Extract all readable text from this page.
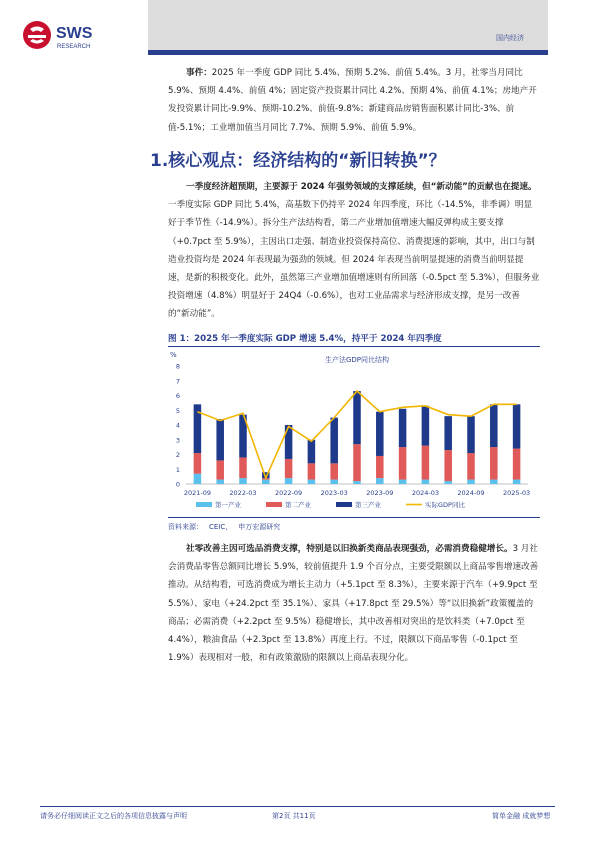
SWS
RESEARCH
国内经济
事件：2025 年一季度 GDP 同比 5.4%、预期 5.2%、前值 5.4%。3 月，社零当月同比 5.9%、预期 4.4%、前值 4%；固定资产投资累计同比 4.2%、预期 4%、前值 4.1%；房地产开发投资累计同比-9.9%、预期-10.2%、前值-9.8%；新建商品房销售面积累计同比-3%、前值-5.1%；工业增加值当月同比 7.7%、预期 5.9%、前值 5.9%。
1.核心观点：经济结构的“新旧转换”？
一季度经济超预期，主要源于 2024 年强势领域的支撑延续，但“新动能”的贡献也在提速。一季度实际 GDP 同比 5.4%，高基数下仍持平 2024 年四季度，环比（-14.5%，非季调）明显好于季节性（-14.9%）。拆分生产法结构看，第二产业增加值增速大幅反弹构成主要支撑（+0.7pct 至 5.9%），主因出口走强、制造业投资保持高位、消费提速的影响，其中，出口与制造业投资均是 2024 年表现最为强劲的领域。但 2024 年表现当前明显提速的消费当前明显提速，是新的积极变化。此外，虽然第三产业增加值增速则有所回落（-0.5pct 至 5.3%），但服务业投资增速（4.8%）明显好于 24Q4（-0.6%），也对工业品需求与经济形成支撑，是另一改善的“新动能”。
图 1：2025 年一季度实际 GDP 增速 5.4%，持平于 2024 年四季度
生产法GDP同比结构
%
0
1
2
3
4
5
6
7
8
2021-09	2022-03	2022-09	2023-03	2023-09	2024-03	2024-09	2025-03
第一产业	第二产业	第三产业	实际GDP同比
资料来源： CEIC， 申万宏源研究
社零改善主因可选品消费支撑，特别是以旧换新类商品表现强劲，必需消费稳健增长。3 月社会消费品零售总额同比增长 5.9%，较前值提升 1.9 个百分点，主要受限额以上商品零售增速改善推动。从结构看，可选消费成为增长主动力（+5.1pct 至 8.3%），主要来源于汽车（+9.9pct 至 5.5%）、家电（+24.2pct 至 35.1%）、家具（+17.8pct 至 29.5%）等“以旧换新”政策覆盖的商品；必需消费（+2.2pct 至 9.5%）稳健增长，其中改善相对突出的是饮料类（+7.0pct 至 4.4%），粮油食品（+2.3pct 至 13.8%）再度上行。不过，限额以下商品零售（-0.1pct 至 1.9%）表现相对一般，和有政策激励的限额以上商品表现分化。
请务必仔细阅读正文之后的各项信息披露与声明	第2页 共11页	简单金融 成就梦想
